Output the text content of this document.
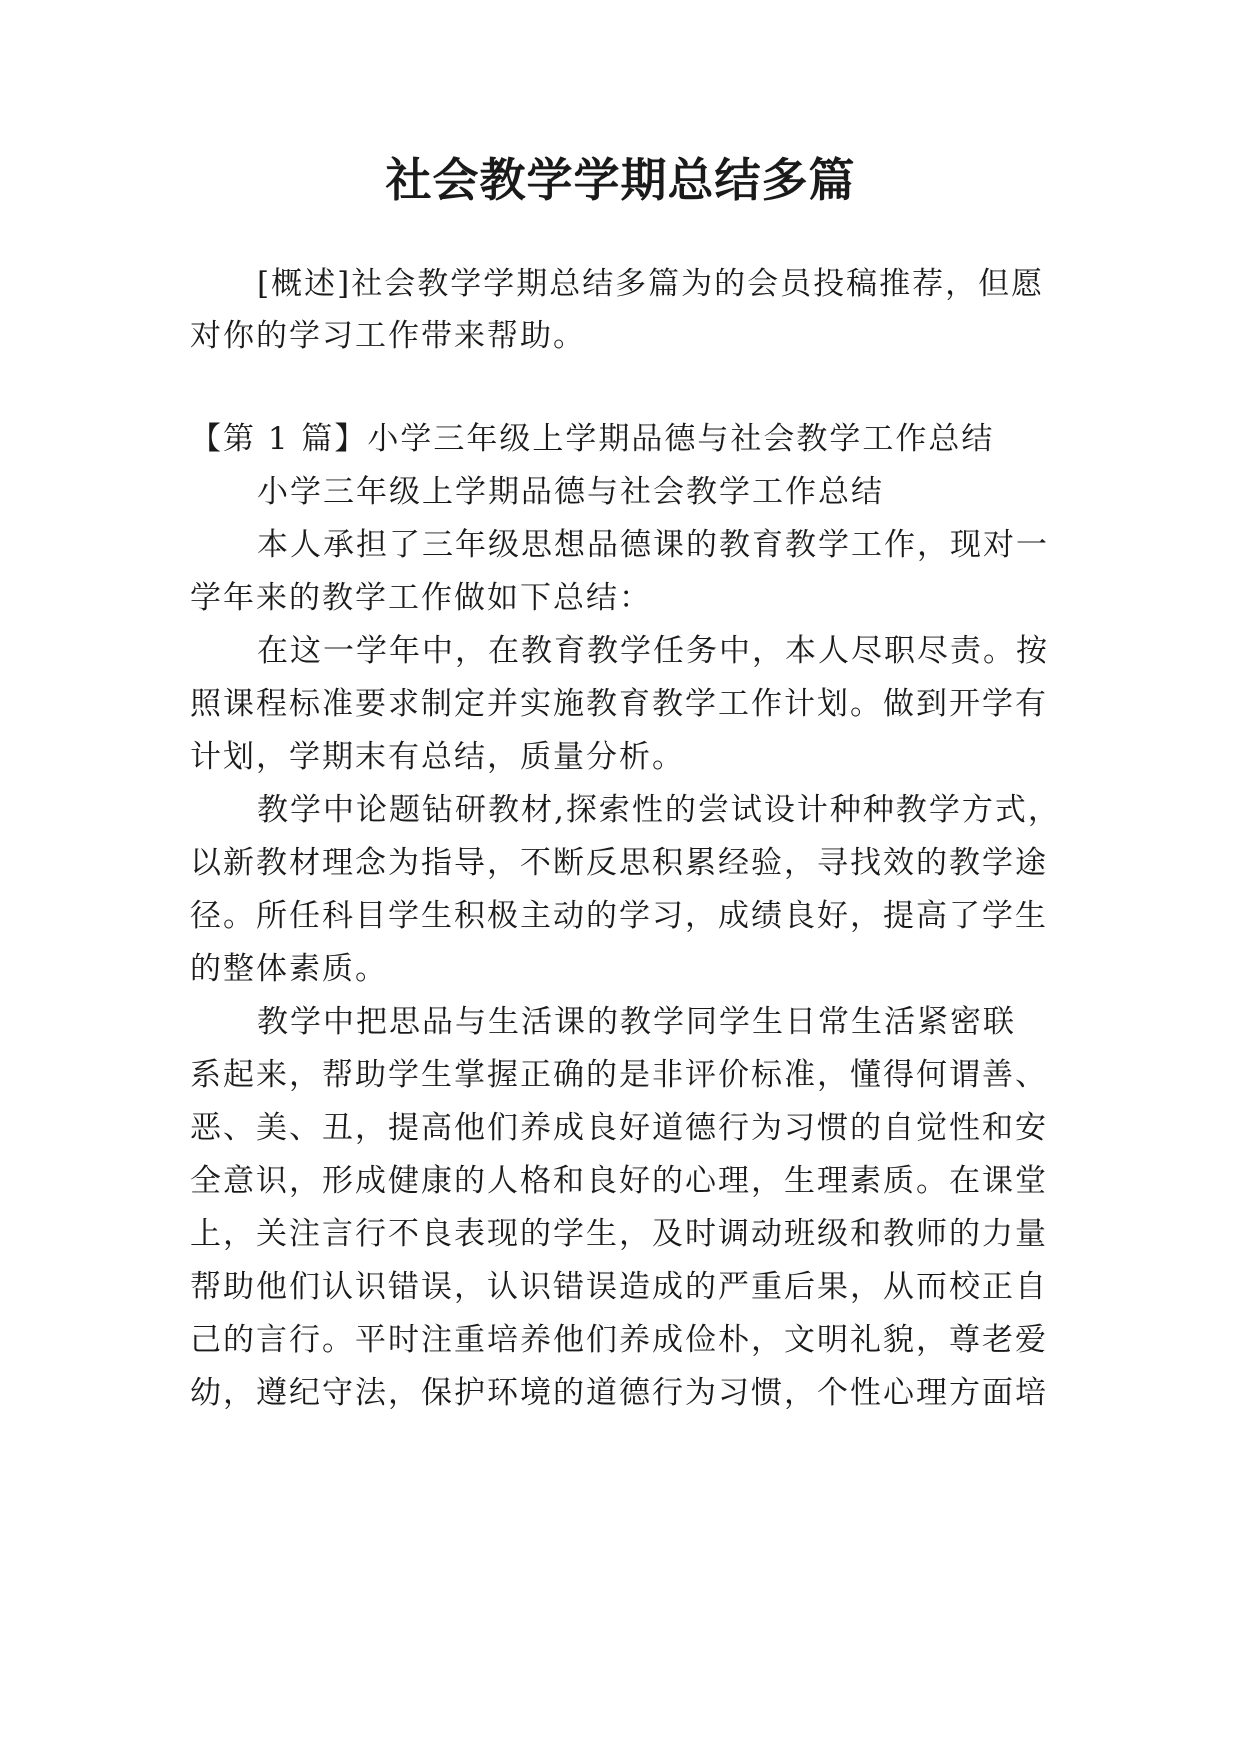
社会教学学期总结多篇
[概述]社会教学学期总结多篇为的会员投稿推荐，但愿
对你的学习工作带来帮助。
【第 1 篇】小学三年级上学期品德与社会教学工作总结
小学三年级上学期品德与社会教学工作总结
本人承担了三年级思想品德课的教育教学工作，现对一
学年来的教学工作做如下总结：
在这一学年中，在教育教学任务中，本人尽职尽责。按
照课程标准要求制定并实施教育教学工作计划。做到开学有
计划，学期末有总结，质量分析。
教学中论题钻研教材,探索性的尝试设计种种教学方式，
以新教材理念为指导，不断反思积累经验，寻找效的教学途
径。所任科目学生积极主动的学习，成绩良好，提高了学生
的整体素质。
教学中把思品与生活课的教学同学生日常生活紧密联
系起来，帮助学生掌握正确的是非评价标准，懂得何谓善、
恶、美、丑，提高他们养成良好道德行为习惯的自觉性和安
全意识，形成健康的人格和良好的心理，生理素质。在课堂
上，关注言行不良表现的学生，及时调动班级和教师的力量
帮助他们认识错误，认识错误造成的严重后果，从而校正自
己的言行。平时注重培养他们养成俭朴，文明礼貌，尊老爱
幼，遵纪守法，保护环境的道德行为习惯，个性心理方面培
